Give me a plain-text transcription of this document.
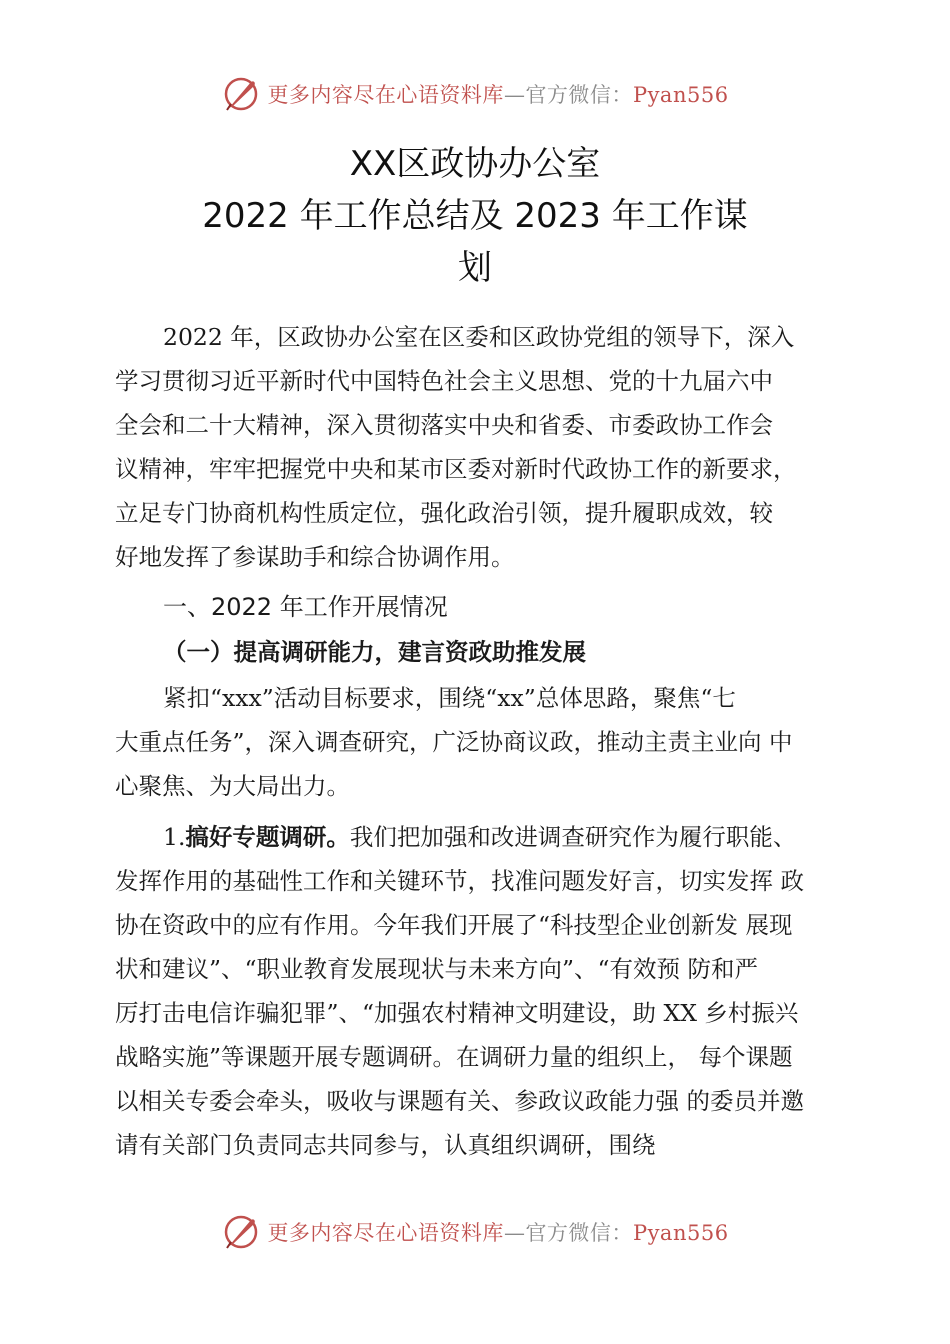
更多内容尽在心语资料库—官方微信：Pyan556
XX区政协办公室
2022 年工作总结及 2023 年工作谋
划
2022 年，区政协办公室在区委和区政协党组的领导下，深入
学习贯彻习近平新时代中国特色社会主义思想、党的十九届六中
全会和二十大精神，深入贯彻落实中央和省委、市委政协工作会
议精神，牢牢把握党中央和某市区委对新时代政协工作的新要求，
立足专门协商机构性质定位，强化政治引领，提升履职成效，较
好地发挥了参谋助手和综合协调作用。
一、2022 年工作开展情况
（一）提高调研能力，建言资政助推发展
紧扣“xxx”活动目标要求，围绕“xx”总体思路，聚焦“七
大重点任务”，深入调查研究，广泛协商议政，推动主责主业向 中
心聚焦、为大局出力。
1.搞好专题调研。我们把加强和改进调查研究作为履行职能、
发挥作用的基础性工作和关键环节，找准问题发好言，切实发挥 政
协在资政中的应有作用。今年我们开展了“科技型企业创新发 展现
状和建议”、“职业教育发展现状与未来方向”、“有效预 防和严
厉打击电信诈骗犯罪”、“加强农村精神文明建设，助 XX 乡村振兴
战略实施”等课题开展专题调研。在调研力量的组织上， 每个课题
以相关专委会牵头，吸收与课题有关、参政议政能力强 的委员并邀
请有关部门负责同志共同参与，认真组织调研，围绕
更多内容尽在心语资料库—官方微信：Pyan556
